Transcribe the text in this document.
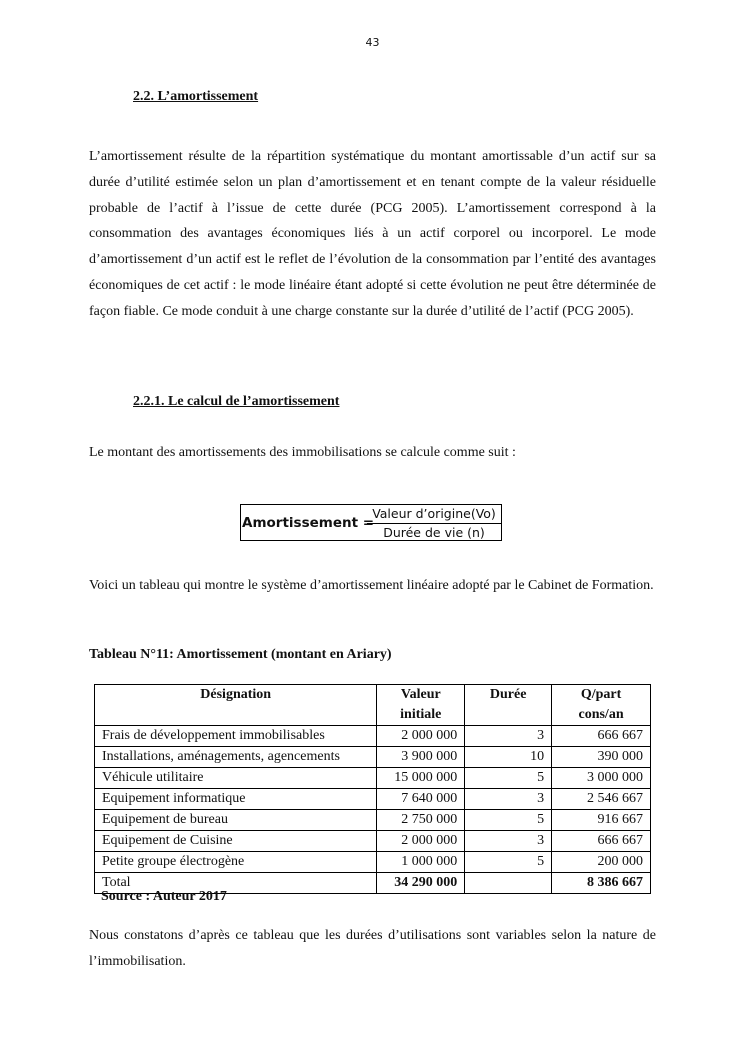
43
2.2. L’amortissement

L’amortissement résulte de la répartition systématique du montant amortissable d’un actif sur sa durée d’utilité estimée selon un plan d’amortissement et en tenant compte de la valeur résiduelle probable de l’actif à l’issue de cette durée (PCG 2005). L’amortissement correspond à la consommation des avantages économiques liés à un actif corporel ou incorporel. Le mode d’amortissement d’un actif est le reflet de l’évolution de la consommation par l’entité des avantages économiques de cet actif : le mode linéaire étant adopté si cette évolution ne peut être déterminée de façon fiable. Ce mode conduit à une charge constante sur la durée d’utilité de l’actif (PCG 2005).

2.2.1. Le calcul de l’amortissement

Le montant des amortissements des immobilisations se calcule comme suit :

Amortissement =
Valeur d’origine(Vo)
Durée de vie (n)

Voici un tableau qui montre le système d’amortissement linéaire adopté par le Cabinet de Formation.

Tableau N°11: Amortissement (montant en Ariary)
Désignation	Valeur initiale	Durée	Q/part cons/an
Frais de développement immobilisables	2 000 000	3	666 667
Installations, aménagements, agencements	3 900 000	10	390 000
Véhicule utilitaire	15 000 000	5	3 000 000
Equipement informatique	7 640 000	3	2 546 667
Equipement de bureau	2 750 000	5	916 667
Equipement de Cuisine	2 000 000	3	666 667
Petite groupe électrogène	1 000 000	5	200 000
Total	34 290 000		8 386 667
Source : Auteur 2017

Nous constatons d’après ce tableau que les durées d’utilisations sont variables selon la nature de l’immobilisation.
